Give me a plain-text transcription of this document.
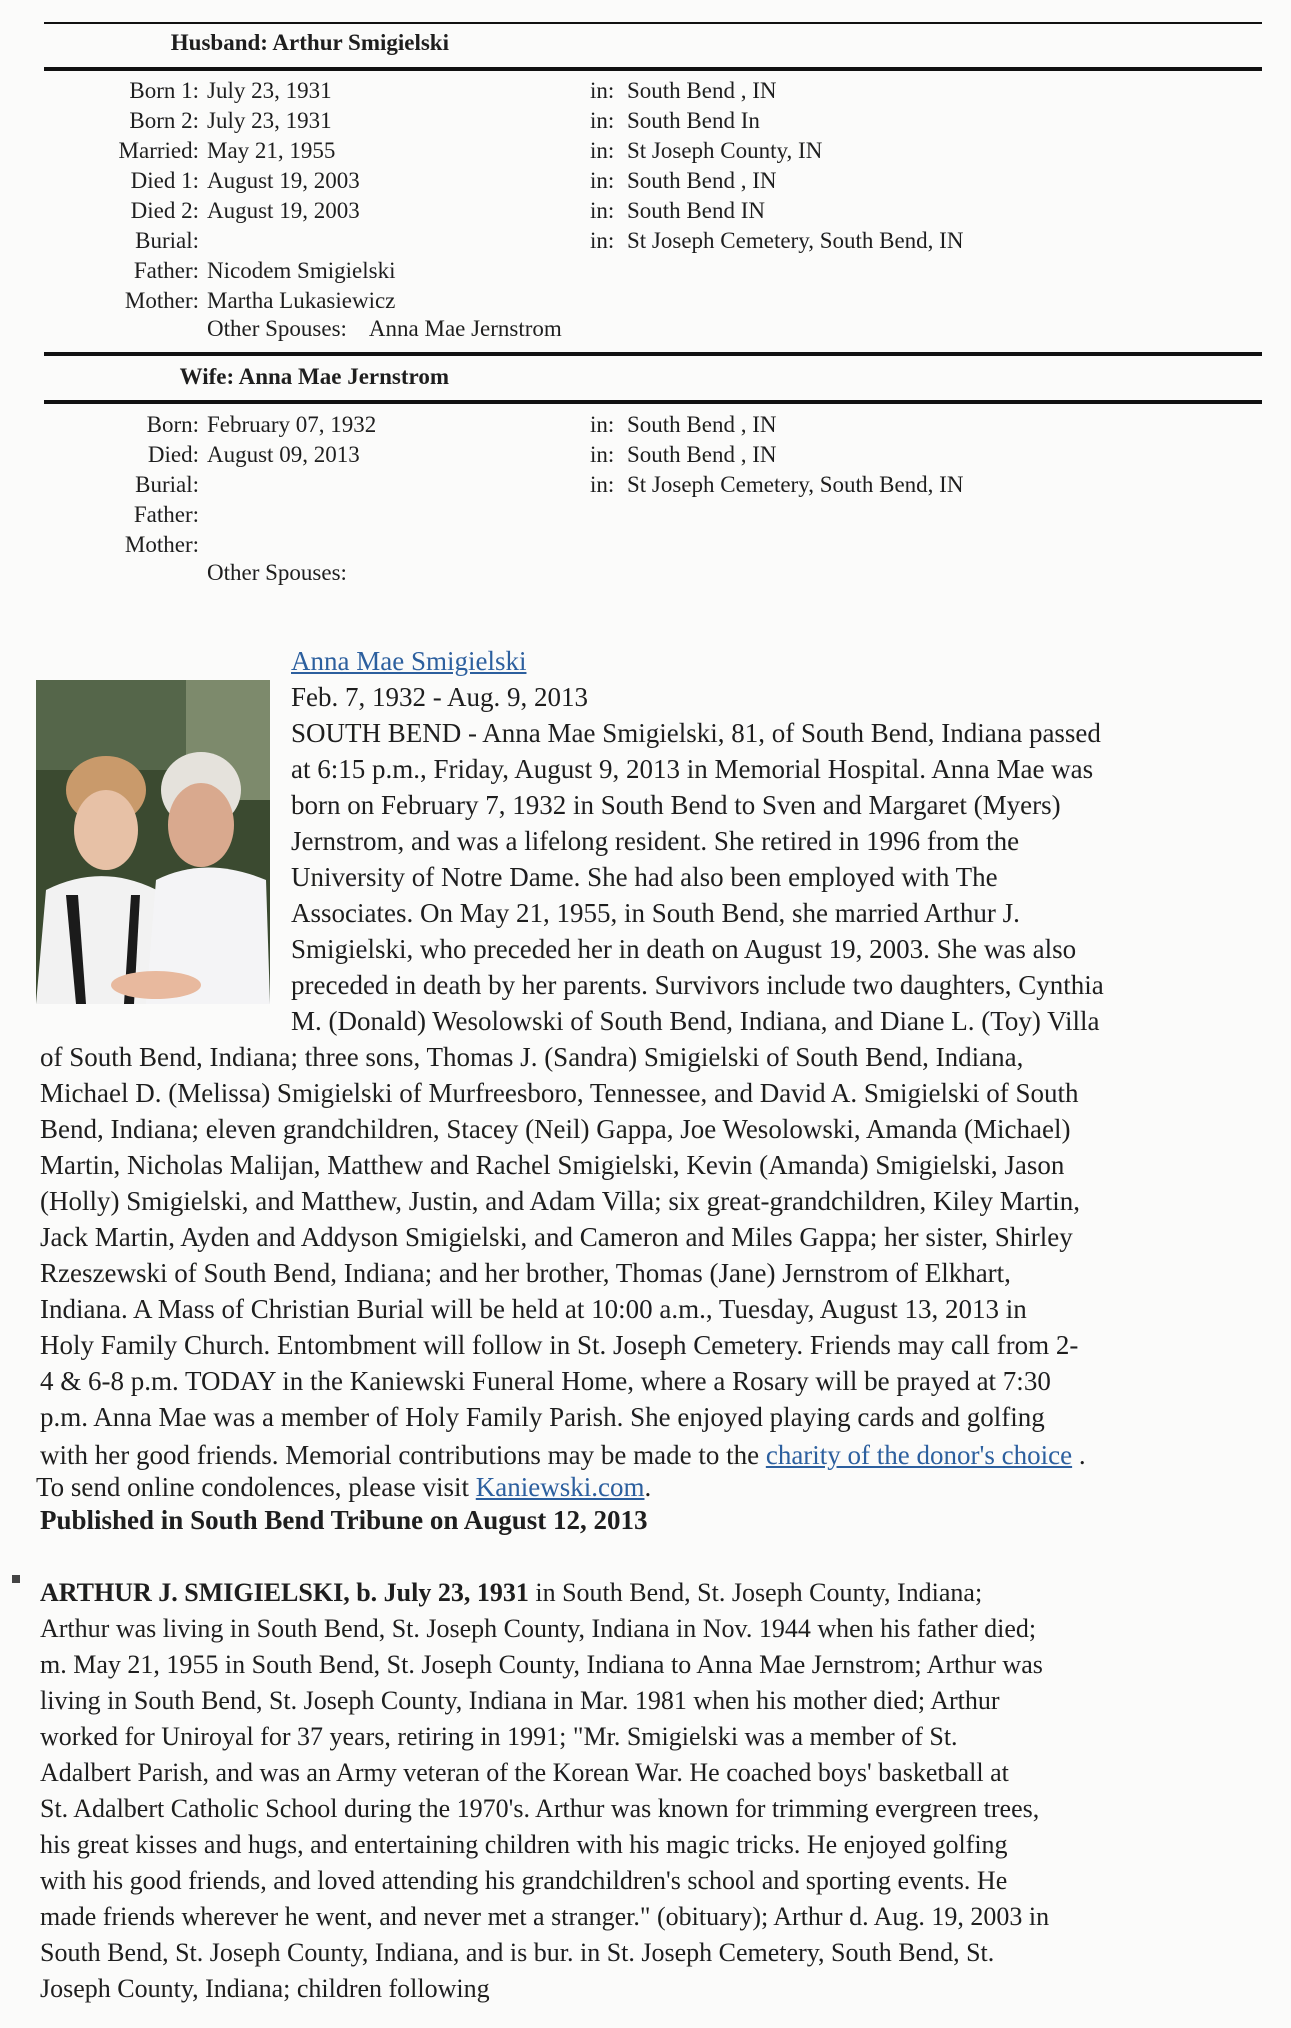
Husband: Arthur Smigielski
Born 1: July 23, 1931	in: South Bend , IN
Born 2: July 23, 1931	in: South Bend In
Married: May 21, 1955	in: St Joseph County, IN
Died 1: August 19, 2003	in: South Bend , IN
Died 2: August 19, 2003	in: South Bend IN
Burial:	in: St Joseph Cemetery, South Bend, IN
Father: Nicodem Smigielski
Mother: Martha Lukasiewicz
Other Spouses: Anna Mae Jernstrom
Wife: Anna Mae Jernstrom
Born: February 07, 1932	in: South Bend , IN
Died: August 09, 2013	in: South Bend , IN
Burial:	in: St Joseph Cemetery, South Bend, IN
Father:
Mother:
Other Spouses:
Anna Mae Smigielski
Feb. 7, 1932 - Aug. 9, 2013
SOUTH BEND - Anna Mae Smigielski, 81, of South Bend, Indiana passed
at 6:15 p.m., Friday, August 9, 2013 in Memorial Hospital. Anna Mae was
born on February 7, 1932 in South Bend to Sven and Margaret (Myers)
Jernstrom, and was a lifelong resident. She retired in 1996 from the
University of Notre Dame. She had also been employed with The
Associates. On May 21, 1955, in South Bend, she married Arthur J.
Smigielski, who preceded her in death on August 19, 2003. She was also
preceded in death by her parents. Survivors include two daughters, Cynthia
M. (Donald) Wesolowski of South Bend, Indiana, and Diane L. (Toy) Villa
of South Bend, Indiana; three sons, Thomas J. (Sandra) Smigielski of South Bend, Indiana,
Michael D. (Melissa) Smigielski of Murfreesboro, Tennessee, and David A. Smigielski of South
Bend, Indiana; eleven grandchildren, Stacey (Neil) Gappa, Joe Wesolowski, Amanda (Michael)
Martin, Nicholas Malijan, Matthew and Rachel Smigielski, Kevin (Amanda) Smigielski, Jason
(Holly) Smigielski, and Matthew, Justin, and Adam Villa; six great-grandchildren, Kiley Martin,
Jack Martin, Ayden and Addyson Smigielski, and Cameron and Miles Gappa; her sister, Shirley
Rzeszewski of South Bend, Indiana; and her brother, Thomas (Jane) Jernstrom of Elkhart,
Indiana. A Mass of Christian Burial will be held at 10:00 a.m., Tuesday, August 13, 2013 in
Holy Family Church. Entombment will follow in St. Joseph Cemetery. Friends may call from 2-
4 & 6-8 p.m. TODAY in the Kaniewski Funeral Home, where a Rosary will be prayed at 7:30
p.m. Anna Mae was a member of Holy Family Parish. She enjoyed playing cards and golfing
with her good friends. Memorial contributions may be made to the charity of the donor's choice .
To send online condolences, please visit Kaniewski.com.
Published in South Bend Tribune on August 12, 2013
ARTHUR J. SMIGIELSKI, b. July 23, 1931 in South Bend, St. Joseph County, Indiana;
Arthur was living in South Bend, St. Joseph County, Indiana in Nov. 1944 when his father died;
m. May 21, 1955 in South Bend, St. Joseph County, Indiana to Anna Mae Jernstrom; Arthur was
living in South Bend, St. Joseph County, Indiana in Mar. 1981 when his mother died; Arthur
worked for Uniroyal for 37 years, retiring in 1991; "Mr. Smigielski was a member of St.
Adalbert Parish, and was an Army veteran of the Korean War. He coached boys' basketball at
St. Adalbert Catholic School during the 1970's. Arthur was known for trimming evergreen trees,
his great kisses and hugs, and entertaining children with his magic tricks. He enjoyed golfing
with his good friends, and loved attending his grandchildren's school and sporting events. He
made friends wherever he went, and never met a stranger." (obituary); Arthur d. Aug. 19, 2003 in
South Bend, St. Joseph County, Indiana, and is bur. in St. Joseph Cemetery, South Bend, St.
Joseph County, Indiana; children following
